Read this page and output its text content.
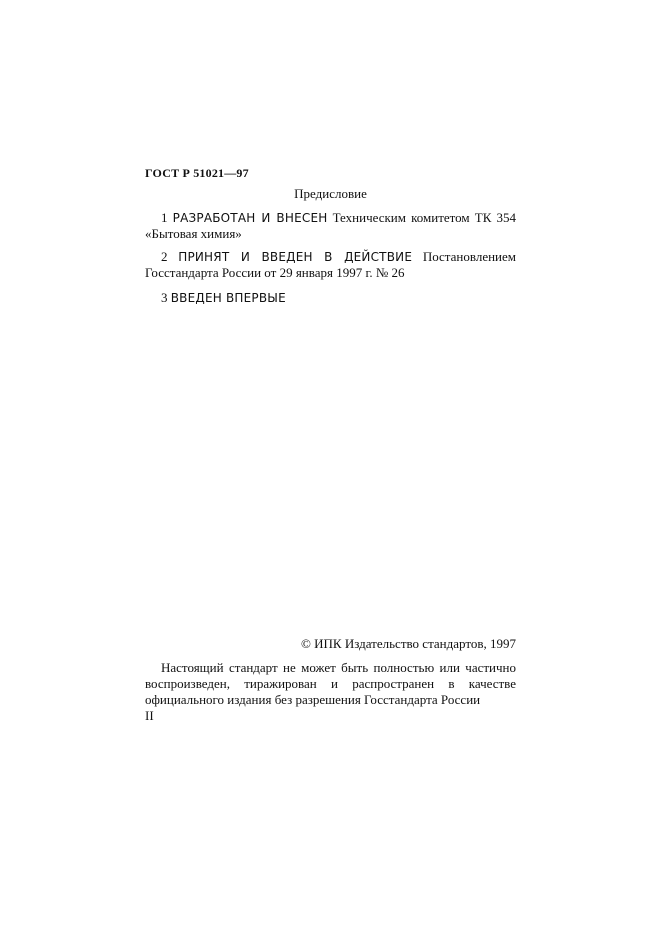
ГОСТ Р 51021—97
Предисловие
1 РАЗРАБОТАН И ВНЕСЕН Техническим комитетом ТК 354 «Бытовая химия»
2 ПРИНЯТ И ВВЕДЕН В ДЕЙСТВИЕ Постановлением Госстандарта России от 29 января 1997 г. № 26
3 ВВЕДЕН ВПЕРВЫЕ
© ИПК Издательство стандартов, 1997
Настоящий стандарт не может быть полностью или частично воспроизведен, тиражирован и распространен в качестве официального издания без разрешения Госстандарта России
II
